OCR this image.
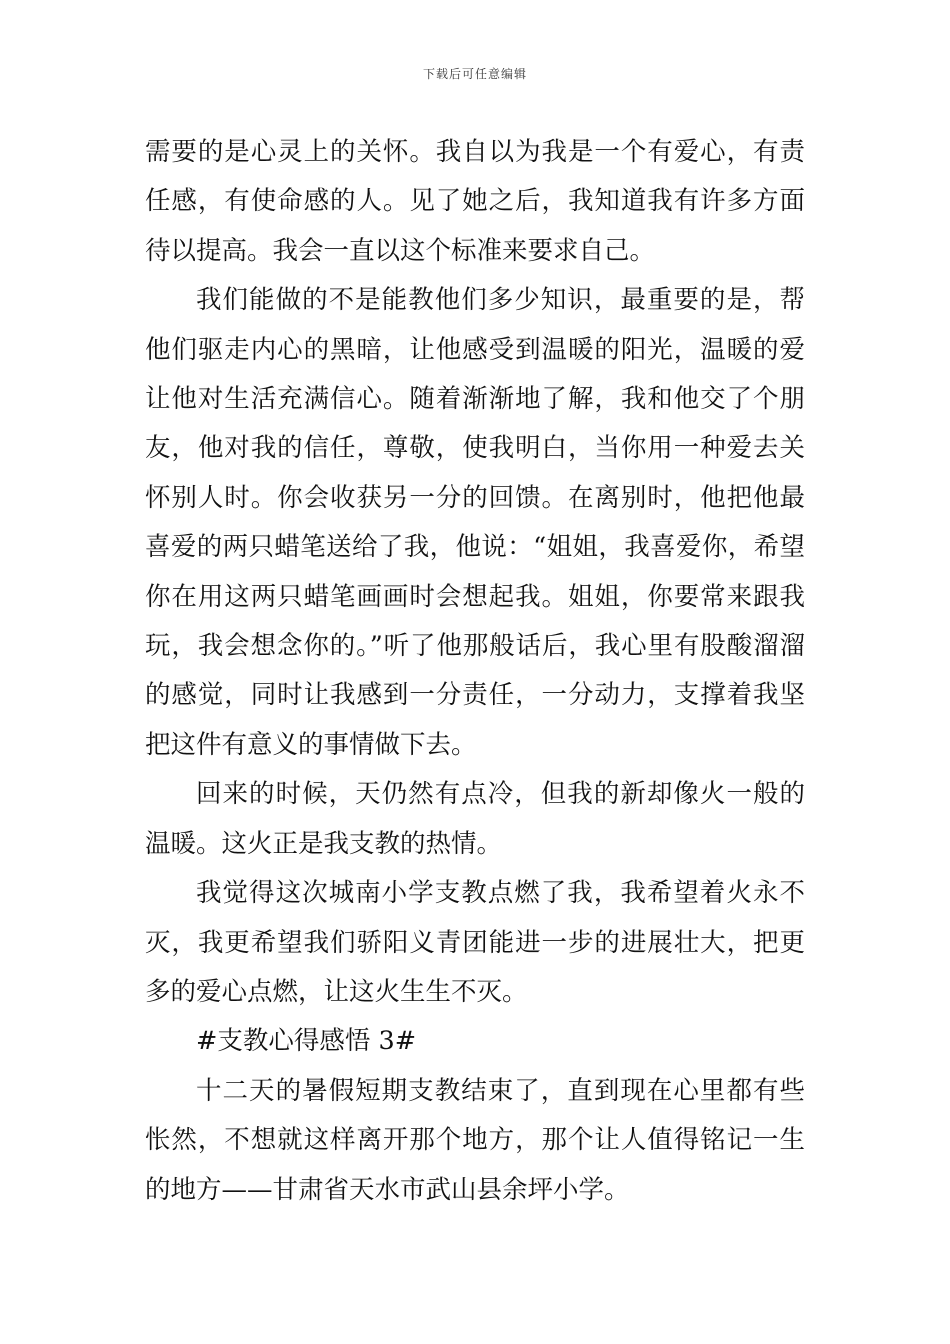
下载后可任意编辑

需要的是心灵上的关怀。我自以为我是一个有爱心，有责任感，有使命感的人。见了她之后，我知道我有许多方面待以提高。我会一直以这个标准来要求自己。

我们能做的不是能教他们多少知识，最重要的是，帮他们驱走内心的黑暗，让他感受到温暖的阳光，温暖的爱让他对生活充满信心。随着渐渐地了解，我和他交了个朋友，他对我的信任，尊敬，使我明白，当你用一种爱去关怀别人时。你会收获另一分的回馈。在离别时，他把他最喜爱的两只蜡笔送给了我，他说：“姐姐，我喜爱你，希望你在用这两只蜡笔画画时会想起我。姐姐，你要常来跟我玩，我会想念你的。”听了他那般话后，我心里有股酸溜溜的感觉，同时让我感到一分责任，一分动力，支撑着我坚把这件有意义的事情做下去。

回来的时候，天仍然有点冷，但我的新却像火一般的温暖。这火正是我支教的热情。

我觉得这次城南小学支教点燃了我，我希望着火永不灭，我更希望我们骄阳义青团能进一步的进展壮大，把更多的爱心点燃，让这火生生不灭。

#支教心得感悟 3#

十二天的暑假短期支教结束了，直到现在心里都有些怅然，不想就这样离开那个地方，那个让人值得铭记一生的地方——甘肃省天水市武山县余坪小学。
